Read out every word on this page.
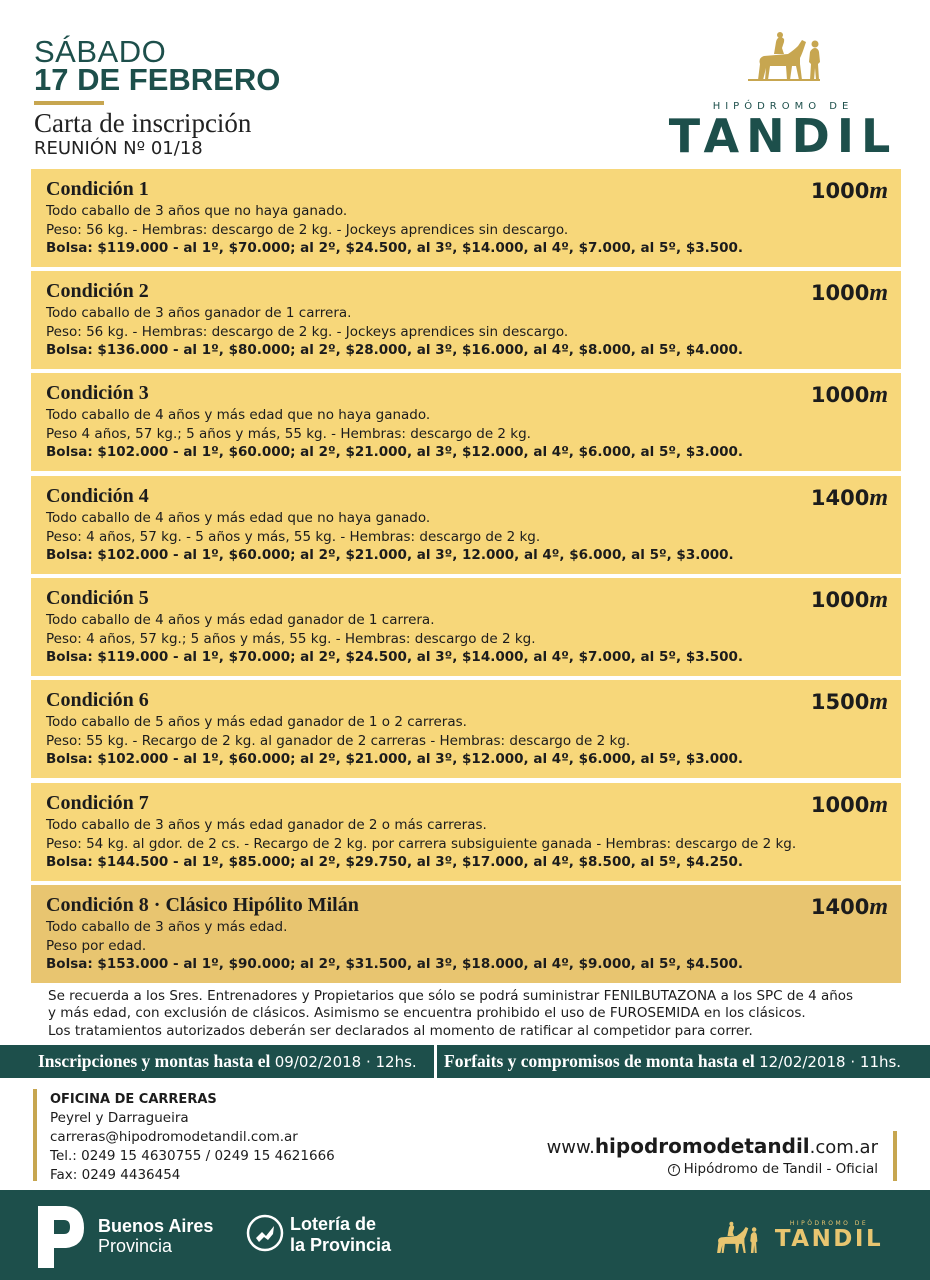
SÁBADO
17 DE FEBRERO
Carta de inscripción
REUNIÓN Nº 01/18
HIPÓDROMO DE
TANDIL
Condición 1	1000m
Todo caballo de 3 años que no haya ganado.
Peso: 56 kg. - Hembras: descargo de 2 kg. - Jockeys aprendices sin descargo.
Bolsa: $119.000 - al 1º, $70.000; al 2º, $24.500, al 3º, $14.000, al 4º, $7.000, al 5º, $3.500.
Condición 2	1000m
Todo caballo de 3 años ganador de 1 carrera.
Peso: 56 kg. - Hembras: descargo de 2 kg. - Jockeys aprendices sin descargo.
Bolsa: $136.000 - al 1º, $80.000; al 2º, $28.000, al 3º, $16.000, al 4º, $8.000, al 5º, $4.000.
Condición 3	1000m
Todo caballo de 4 años y más edad que no haya ganado.
Peso 4 años, 57 kg.; 5 años y más, 55 kg. - Hembras: descargo de 2 kg.
Bolsa: $102.000 - al 1º, $60.000; al 2º, $21.000, al 3º, $12.000, al 4º, $6.000, al 5º, $3.000.
Condición 4	1400m
Todo caballo de 4 años y más edad que no haya ganado.
Peso: 4 años, 57 kg. - 5 años y más, 55 kg. - Hembras: descargo de 2 kg.
Bolsa: $102.000 - al 1º, $60.000; al 2º, $21.000, al 3º, 12.000, al 4º, $6.000, al 5º, $3.000.
Condición 5	1000m
Todo caballo de 4 años y más edad ganador de 1 carrera.
Peso: 4 años, 57 kg.; 5 años y más, 55 kg. - Hembras: descargo de 2 kg.
Bolsa: $119.000 - al 1º, $70.000; al 2º, $24.500, al 3º, $14.000, al 4º, $7.000, al 5º, $3.500.
Condición 6	1500m
Todo caballo de 5 años y más edad ganador de 1 o 2 carreras.
Peso: 55 kg. - Recargo de 2 kg. al ganador de 2 carreras - Hembras: descargo de 2 kg.
Bolsa: $102.000 - al 1º, $60.000; al 2º, $21.000, al 3º, $12.000, al 4º, $6.000, al 5º, $3.000.
Condición 7	1000m
Todo caballo de 3 años y más edad ganador de 2 o más carreras.
Peso: 54 kg. al gdor. de 2 cs. - Recargo de 2 kg. por carrera subsiguiente ganada - Hembras: descargo de 2 kg.
Bolsa: $144.500 - al 1º, $85.000; al 2º, $29.750, al 3º, $17.000, al 4º, $8.500, al 5º, $4.250.
Condición 8 · Clásico Hipólito Milán	1400m
Todo caballo de 3 años y más edad.
Peso por edad.
Bolsa: $153.000 - al 1º, $90.000; al 2º, $31.500, al 3º, $18.000, al 4º, $9.000, al 5º, $4.500.
Se recuerda a los Sres. Entrenadores y Propietarios que sólo se podrá suministrar FENILBUTAZONA a los SPC de 4 años
y más edad, con exclusión de clásicos. Asimismo se encuentra prohibido el uso de FUROSEMIDA en los clásicos.
Los tratamientos autorizados deberán ser declarados al momento de ratificar al competidor para correr.
Inscripciones y montas hasta el 09/02/2018 · 12hs. Forfaits y compromisos de monta hasta el 12/02/2018 · 11hs.
OFICINA DE CARRERAS
Peyrel y Darragueira
carreras@hipodromodetandil.com.ar
Tel.: 0249 15 4630755 / 0249 15 4621666
Fax: 0249 4436454
www.hipodromodetandil.com.ar
f Hipódromo de Tandil - Oficial
Buenos Aires
Provincia
Lotería de
la Provincia
HIPÓDROMO DE
TANDIL
